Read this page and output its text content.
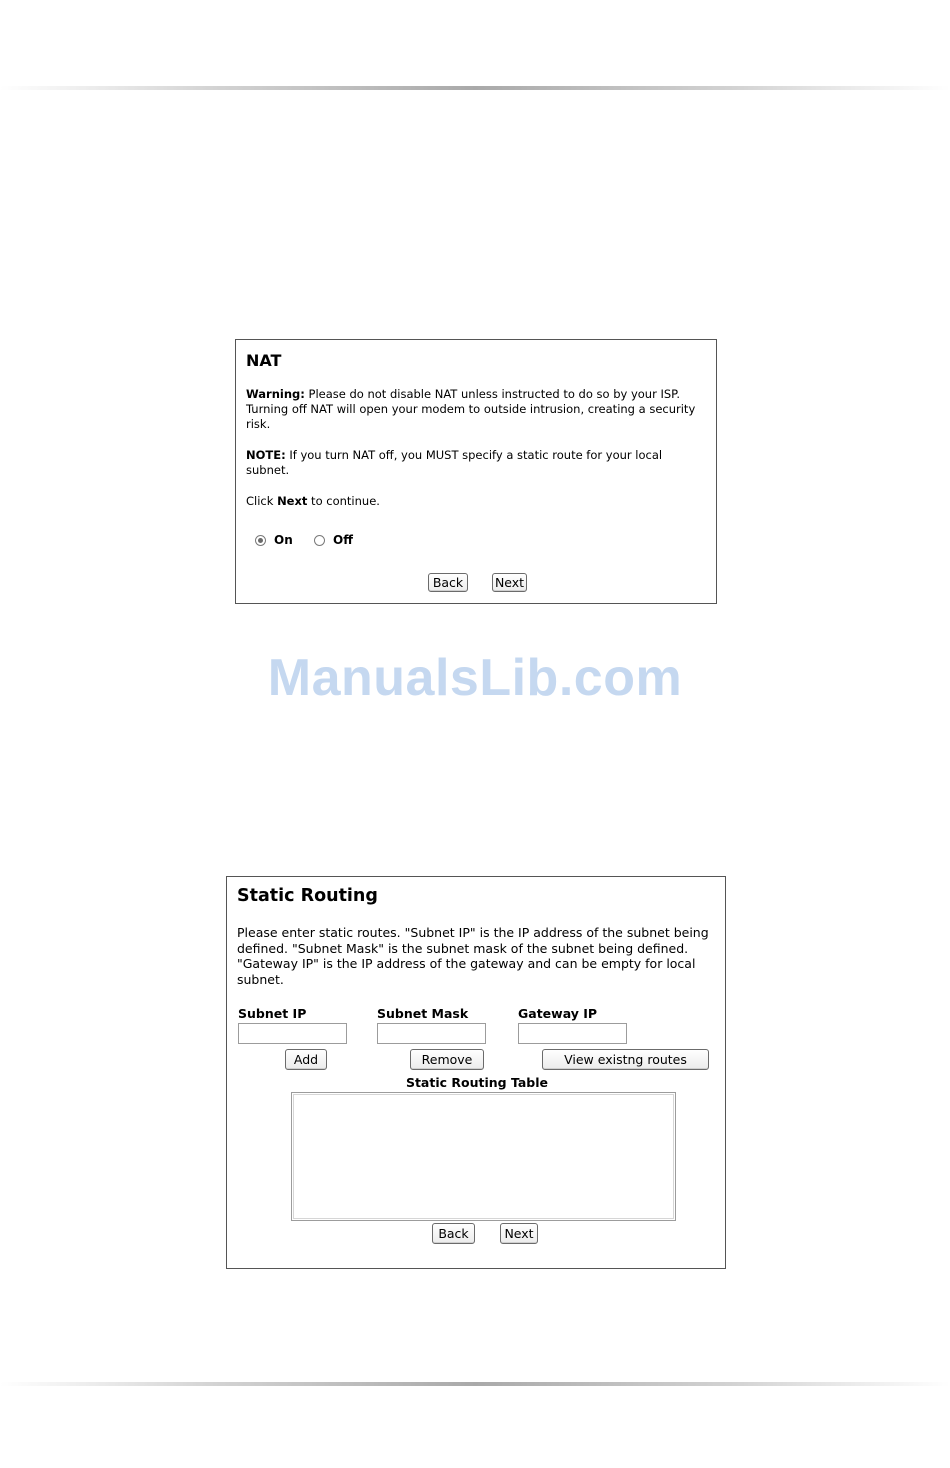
NAT
Warning: Please do not disable NAT unless instructed to do so by your ISP. Turning off NAT will open your modem to outside intrusion, creating a security risk.
NOTE: If you turn NAT off, you MUST specify a static route for your local subnet.
Click Next to continue.
On	Off
Back	Next
ManualsLib.com
Static Routing
Please enter static routes. "Subnet IP" is the IP address of the subnet being defined. "Subnet Mask" is the subnet mask of the subnet being defined. "Gateway IP" is the IP address of the gateway and can be empty for local subnet.
Subnet IP	Subnet Mask	Gateway IP
Add	Remove	View existng routes
Static Routing Table
Back	Next
